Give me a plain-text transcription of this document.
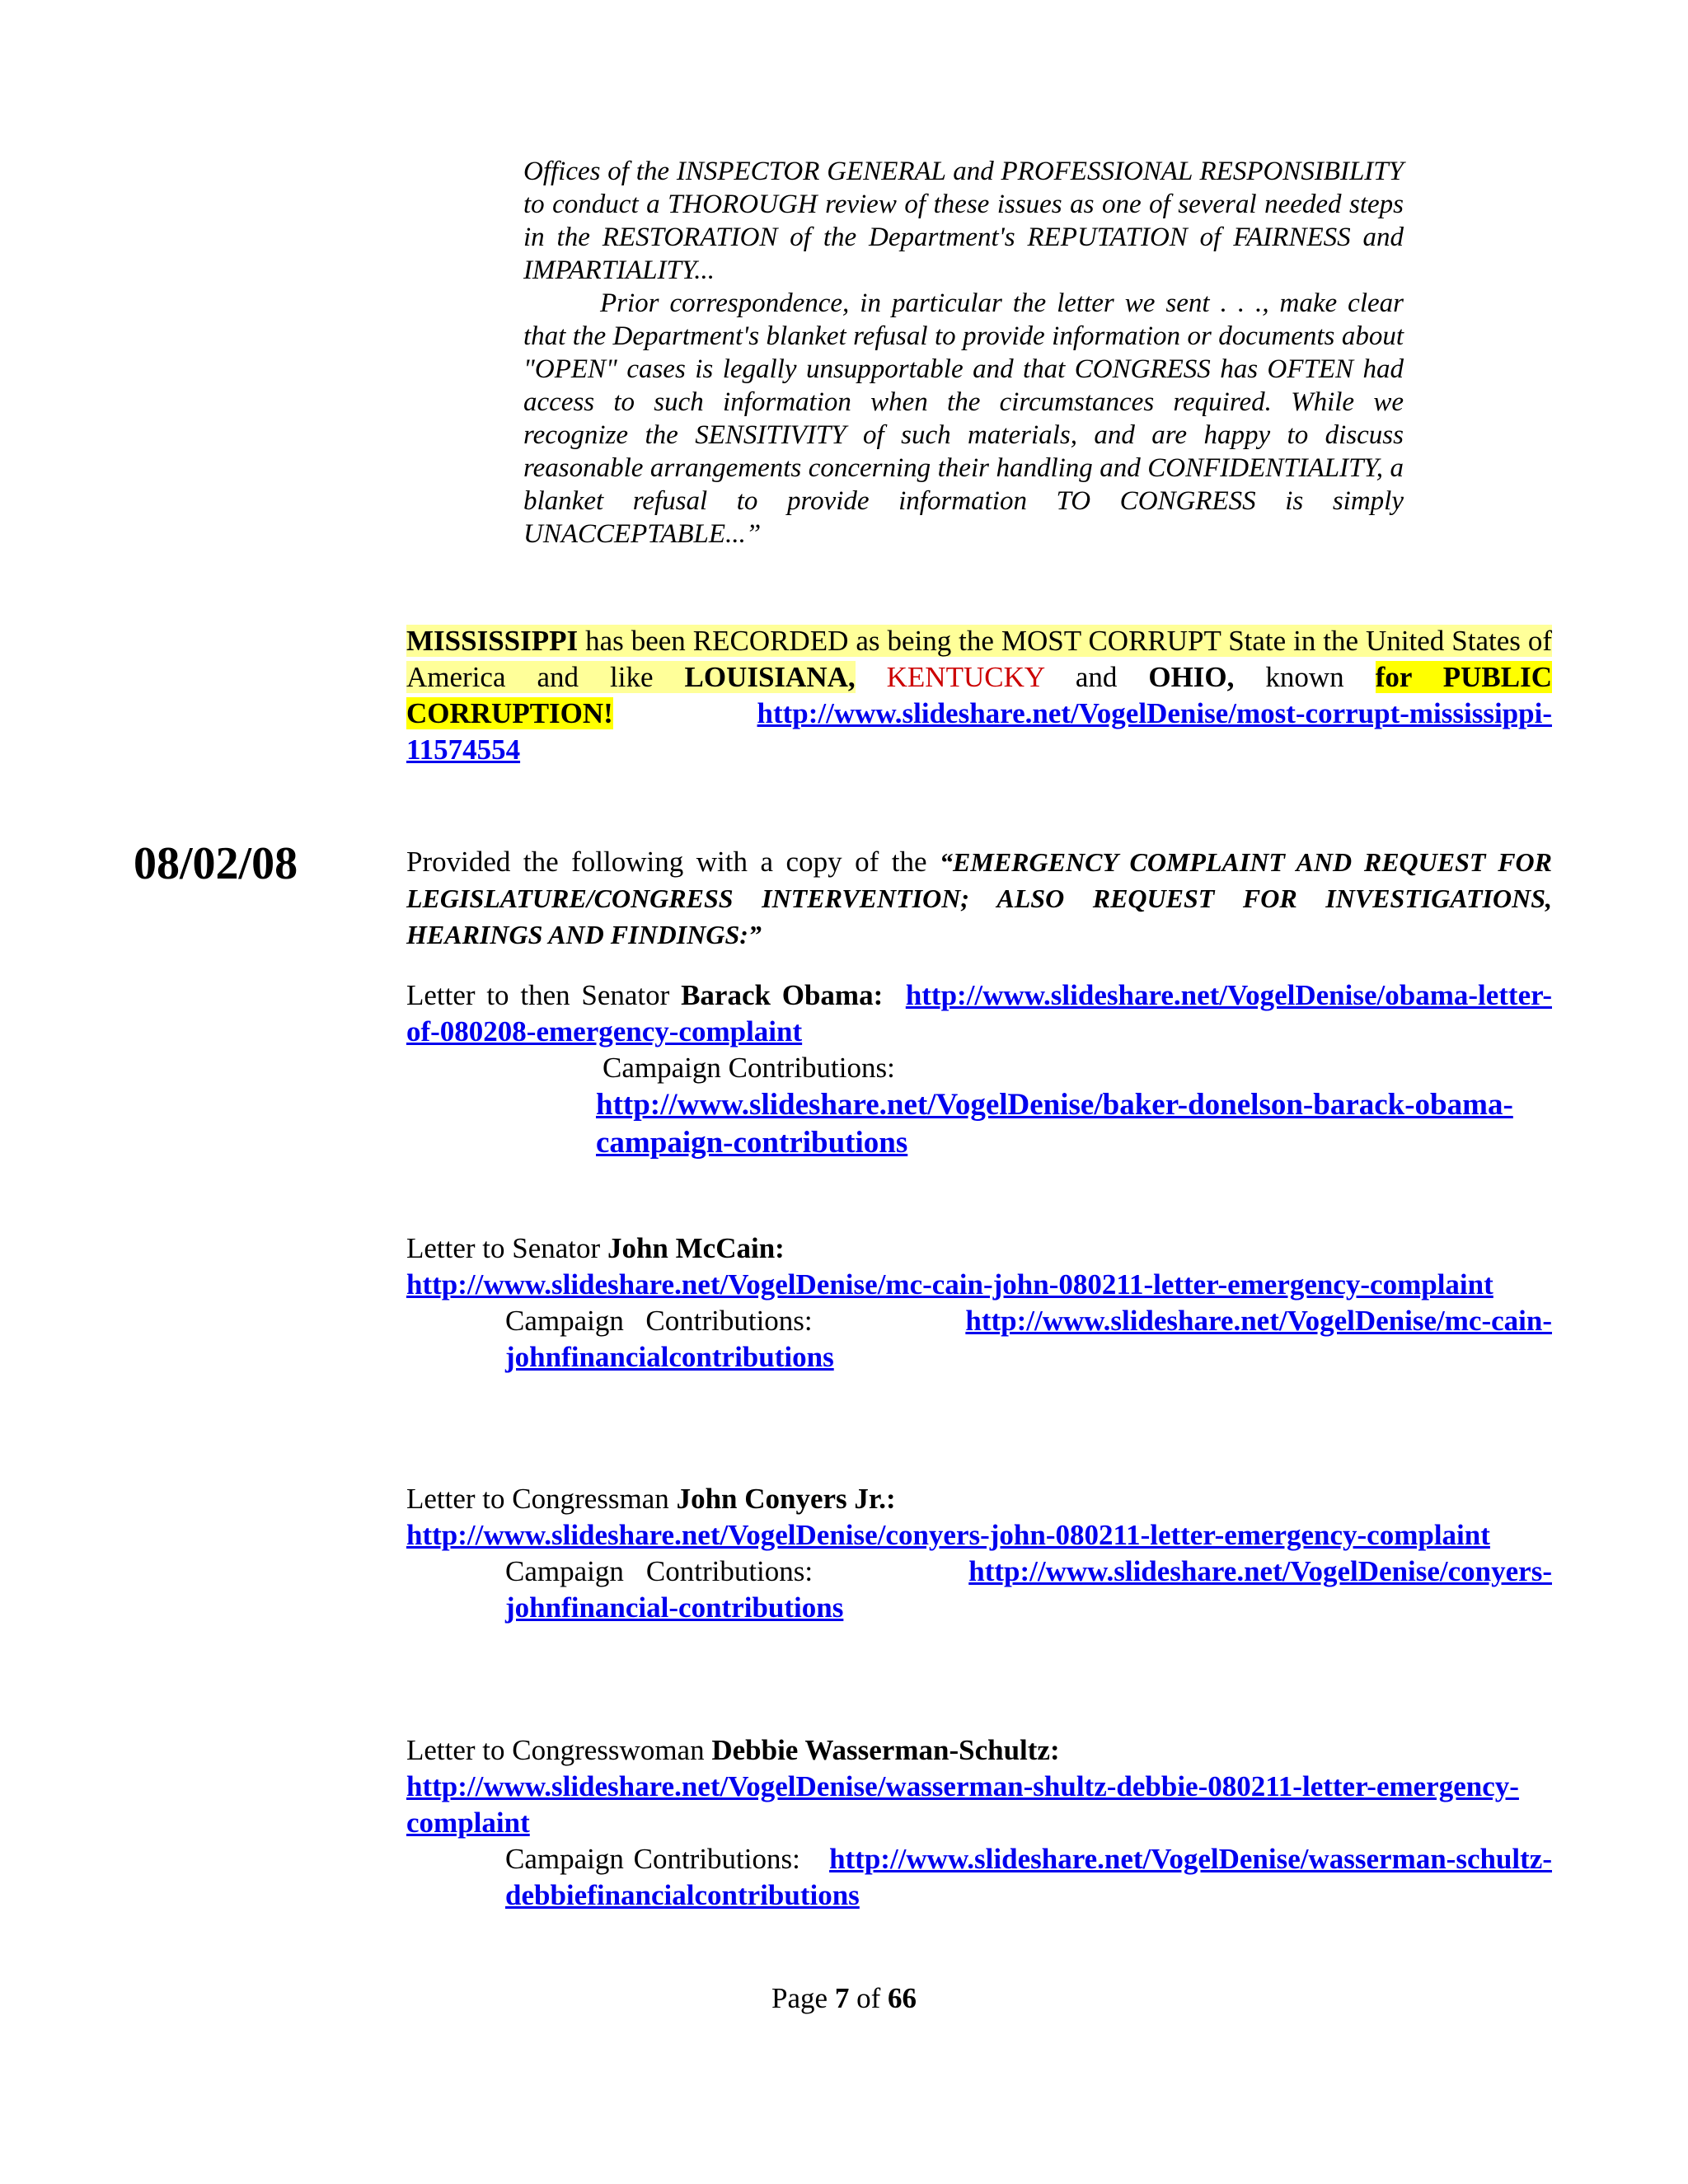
Offices of the INSPECTOR GENERAL and PROFESSIONAL RESPONSIBILITY to conduct a THOROUGH review of these issues as one of several needed steps in the RESTORATION of the Department's REPUTATION of FAIRNESS and IMPARTIALITY...

Prior correspondence, in particular the letter we sent . . ., make clear that the Department's blanket refusal to provide information or documents about "OPEN" cases is legally unsupportable and that CONGRESS has OFTEN had access to such information when the circumstances required. While we recognize the SENSITIVITY of such materials, and are happy to discuss reasonable arrangements concerning their handling and CONFIDENTIALITY, a blanket refusal to provide information TO CONGRESS is simply UNACCEPTABLE...”

MISSISSIPPI has been RECORDED as being the MOST CORRUPT State in the United States of America and like LOUISIANA, KENTUCKY and OHIO, known for PUBLIC CORRUPTION!	http://www.slideshare.net/VogelDenise/most-corrupt-mississippi-11574554
08/02/08	Provided the following with a copy of the “EMERGENCY COMPLAINT AND REQUEST FOR LEGISLATURE/CONGRESS INTERVENTION; ALSO REQUEST FOR INVESTIGATIONS, HEARINGS AND FINDINGS:”
Letter to then Senator Barack Obama: http://www.slideshare.net/VogelDenise/obama-letter-of-080208-emergency-complaint
Campaign Contributions:
http://www.slideshare.net/VogelDenise/baker-donelson-barack-obama-campaign-contributions
Letter to Senator John McCain:
http://www.slideshare.net/VogelDenise/mc-cain-john-080211-letter-emergency-complaint
Campaign Contributions:	http://www.slideshare.net/VogelDenise/mc-cain-johnfinancialcontributions
Letter to Congressman John Conyers Jr.:
http://www.slideshare.net/VogelDenise/conyers-john-080211-letter-emergency-complaint
Campaign Contributions:	http://www.slideshare.net/VogelDenise/conyers-johnfinancial-contributions
Letter to Congresswoman Debbie Wasserman-Schultz:
http://www.slideshare.net/VogelDenise/wasserman-shultz-debbie-080211-letter-emergency-complaint
Campaign Contributions: http://www.slideshare.net/VogelDenise/wasserman-schultz-debbiefinancialcontributions
Page 7 of 66
